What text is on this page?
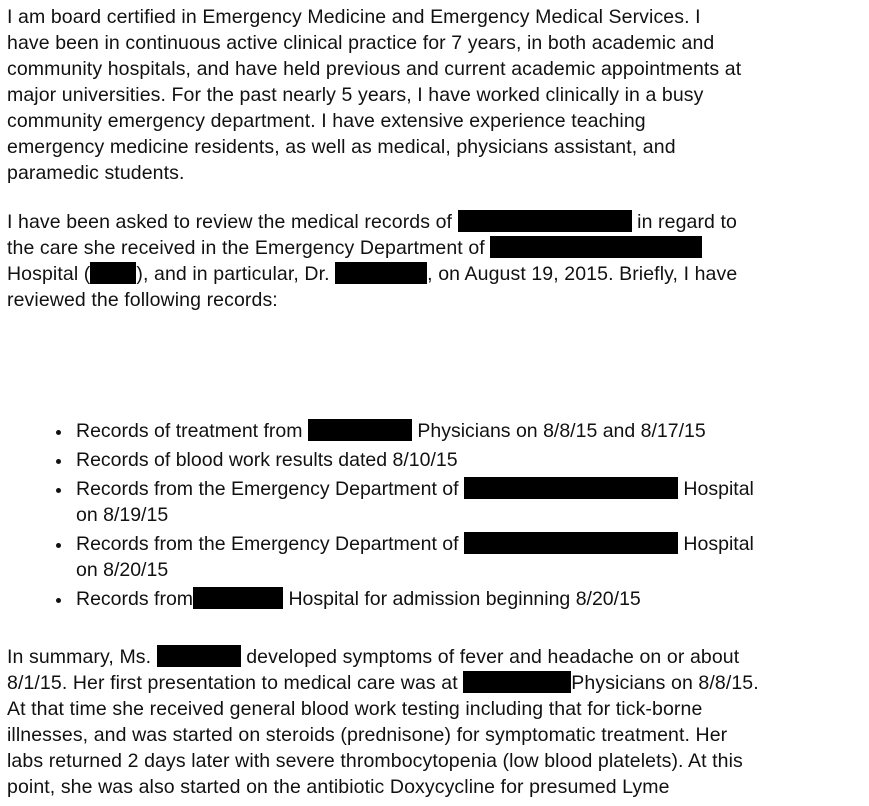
I am board certified in Emergency Medicine and Emergency Medical Services. I
have been in continuous active clinical practice for 7 years, in both academic and
community hospitals, and have held previous and current academic appointments at
major universities. For the past nearly 5 years, I have worked clinically in a busy
community emergency department. I have extensive experience teaching
emergency medicine residents, as well as medical, physicians assistant, and
paramedic students.
I have been asked to review the medical records of	in regard to
the care she received in the Emergency Department of
Hospital ( ), and in particular, Dr.	, on August 19, 2015. Briefly, I have
reviewed the following records:
Records of treatment from	Physicians on 8/8/15 and 8/17/15
Records of blood work results dated 8/10/15
Records from the Emergency Department of	Hospital
on 8/19/15
Records from the Emergency Department of	Hospital
on 8/20/15
Records from	Hospital for admission beginning 8/20/15
In summary, Ms.	developed symptoms of fever and headache on or about
8/1/15. Her first presentation to medical care was at	Physicians on 8/8/15.
At that time she received general blood work testing including that for tick-borne
illnesses, and was started on steroids (prednisone) for symptomatic treatment. Her
labs returned 2 days later with severe thrombocytopenia (low blood platelets). At this
point, she was also started on the antibiotic Doxycycline for presumed Lyme
